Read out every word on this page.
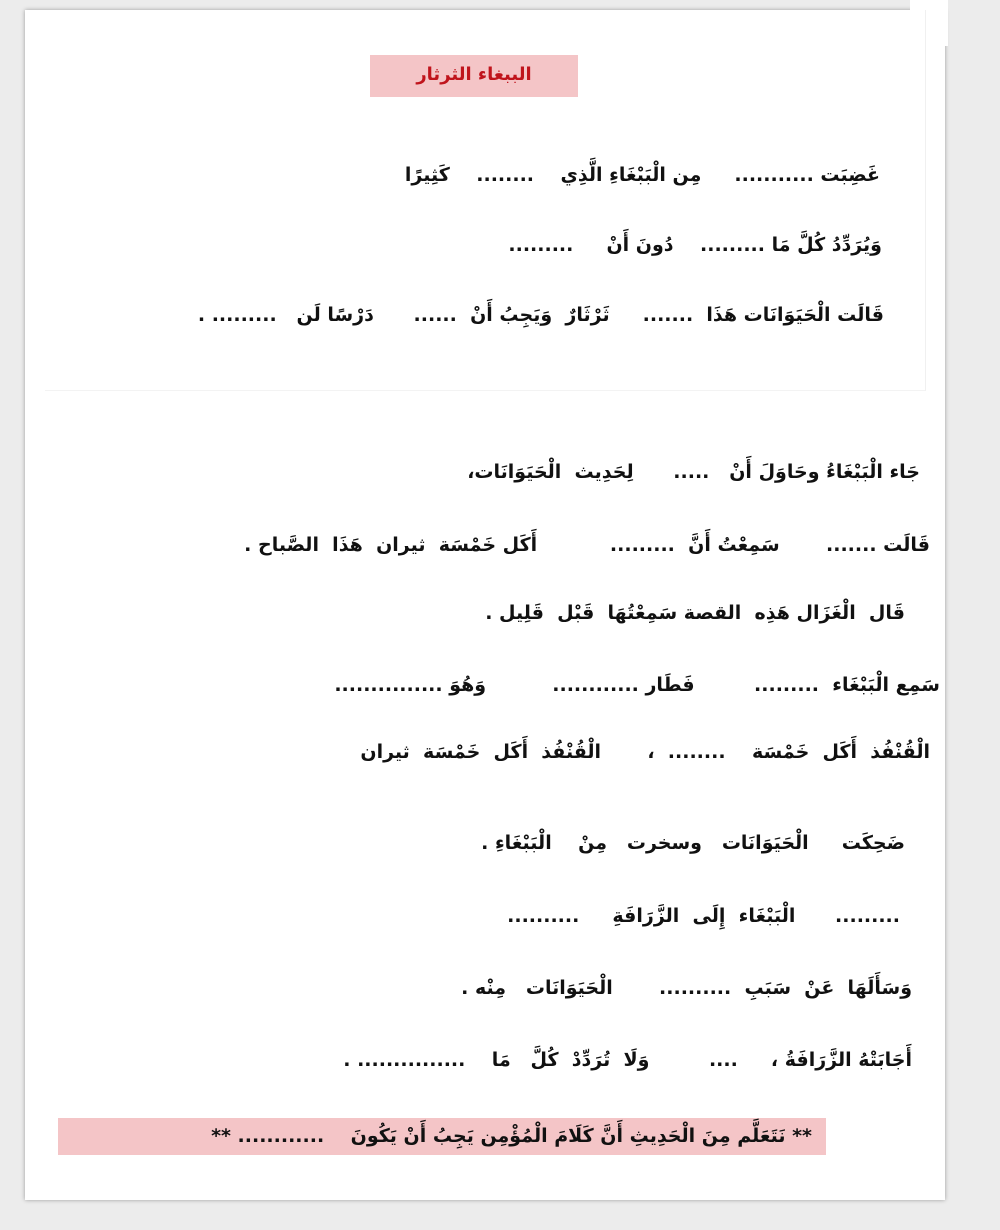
الببغاء الثرثار
غَضِبَت ...........     مِن الْبَبْغَاءِ الَّذِي    ........    كَثِيرًا
وَيُرَدِّدُ كُلَّ مَا .........    دُونَ أَنْ     .........
قَالَت الْحَيَوَانَات هَذَا  .......     ثَرْثَارٌ  وَيَجِبُ أَنْ  ......      دَرْسًا لَن   ......... .
جَاء الْبَبْغَاءُ وحَاوَلَ أَنْ   .....      لِحَدِيث  الْحَيَوَانَات،
قَالَت .......       سَمِعْتُ أَنَّ  .........           أَكَل خَمْسَة  ثيران  هَذَا  الصَّباح .
قَال  الْغَزَال هَذِه  القصة سَمِعْتُهَا  قَبْل  قَلِيل .
سَمِع الْبَبْغَاء  .........         فَطَار ............          وَهُوَ ...............
الْقُنْفُذ  أَكَل  خَمْسَة    ........  ،       الْقُنْفُذ  أَكَل  خَمْسَة  ثيران
ضَحِكَت     الْحَيَوَانَات   وسخرت   مِنْ    الْبَبْغَاءِ .
.........      الْبَبْغَاء  إِلَى  الزَّرَافَةِ     ..........
وَسَأَلَهَا  عَنْ  سَبَبِ  ..........       الْحَيَوَانَات   مِنْه .
أَجَابَتْهُ الزَّرَافَةُ ،     ....         وَلَا  تُرَدِّدْ  كُلَّ   مَا    ............... .
** نَتَعَلَّم مِنَ الْحَدِيثِ أَنَّ كَلَامَ الْمُؤْمِن يَجِبُ أَنْ يَكُونَ    ............ **
